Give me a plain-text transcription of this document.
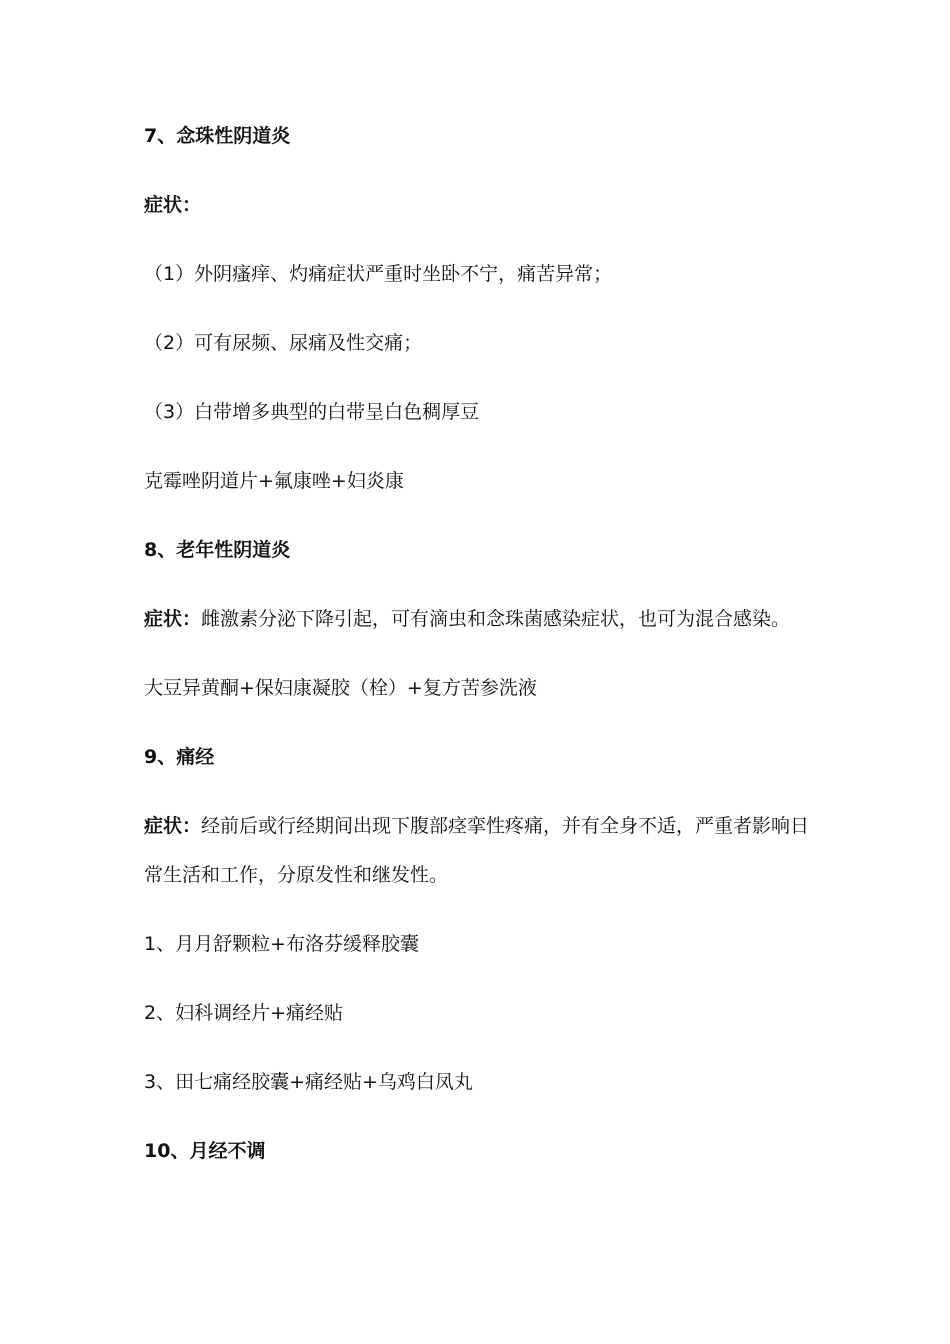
7、念珠性阴道炎
症状：
（1）外阴瘙痒、灼痛症状严重时坐卧不宁，痛苦异常；
（2）可有尿频、尿痛及性交痛；
（3）白带增多典型的白带呈白色稠厚豆
克霉唑阴道片+氟康唑+妇炎康
8、老年性阴道炎
症状：雌激素分泌下降引起，可有滴虫和念珠菌感染症状，也可为混合感染。
大豆异黄酮+保妇康凝胶（栓）+复方苦参洗液
9、痛经
症状：经前后或行经期间出现下腹部痉挛性疼痛，并有全身不适，严重者影响日
常生活和工作，分原发性和继发性。
1、月月舒颗粒+布洛芬缓释胶囊
2、妇科调经片+痛经贴
3、田七痛经胶囊+痛经贴+乌鸡白凤丸
10、月经不调
